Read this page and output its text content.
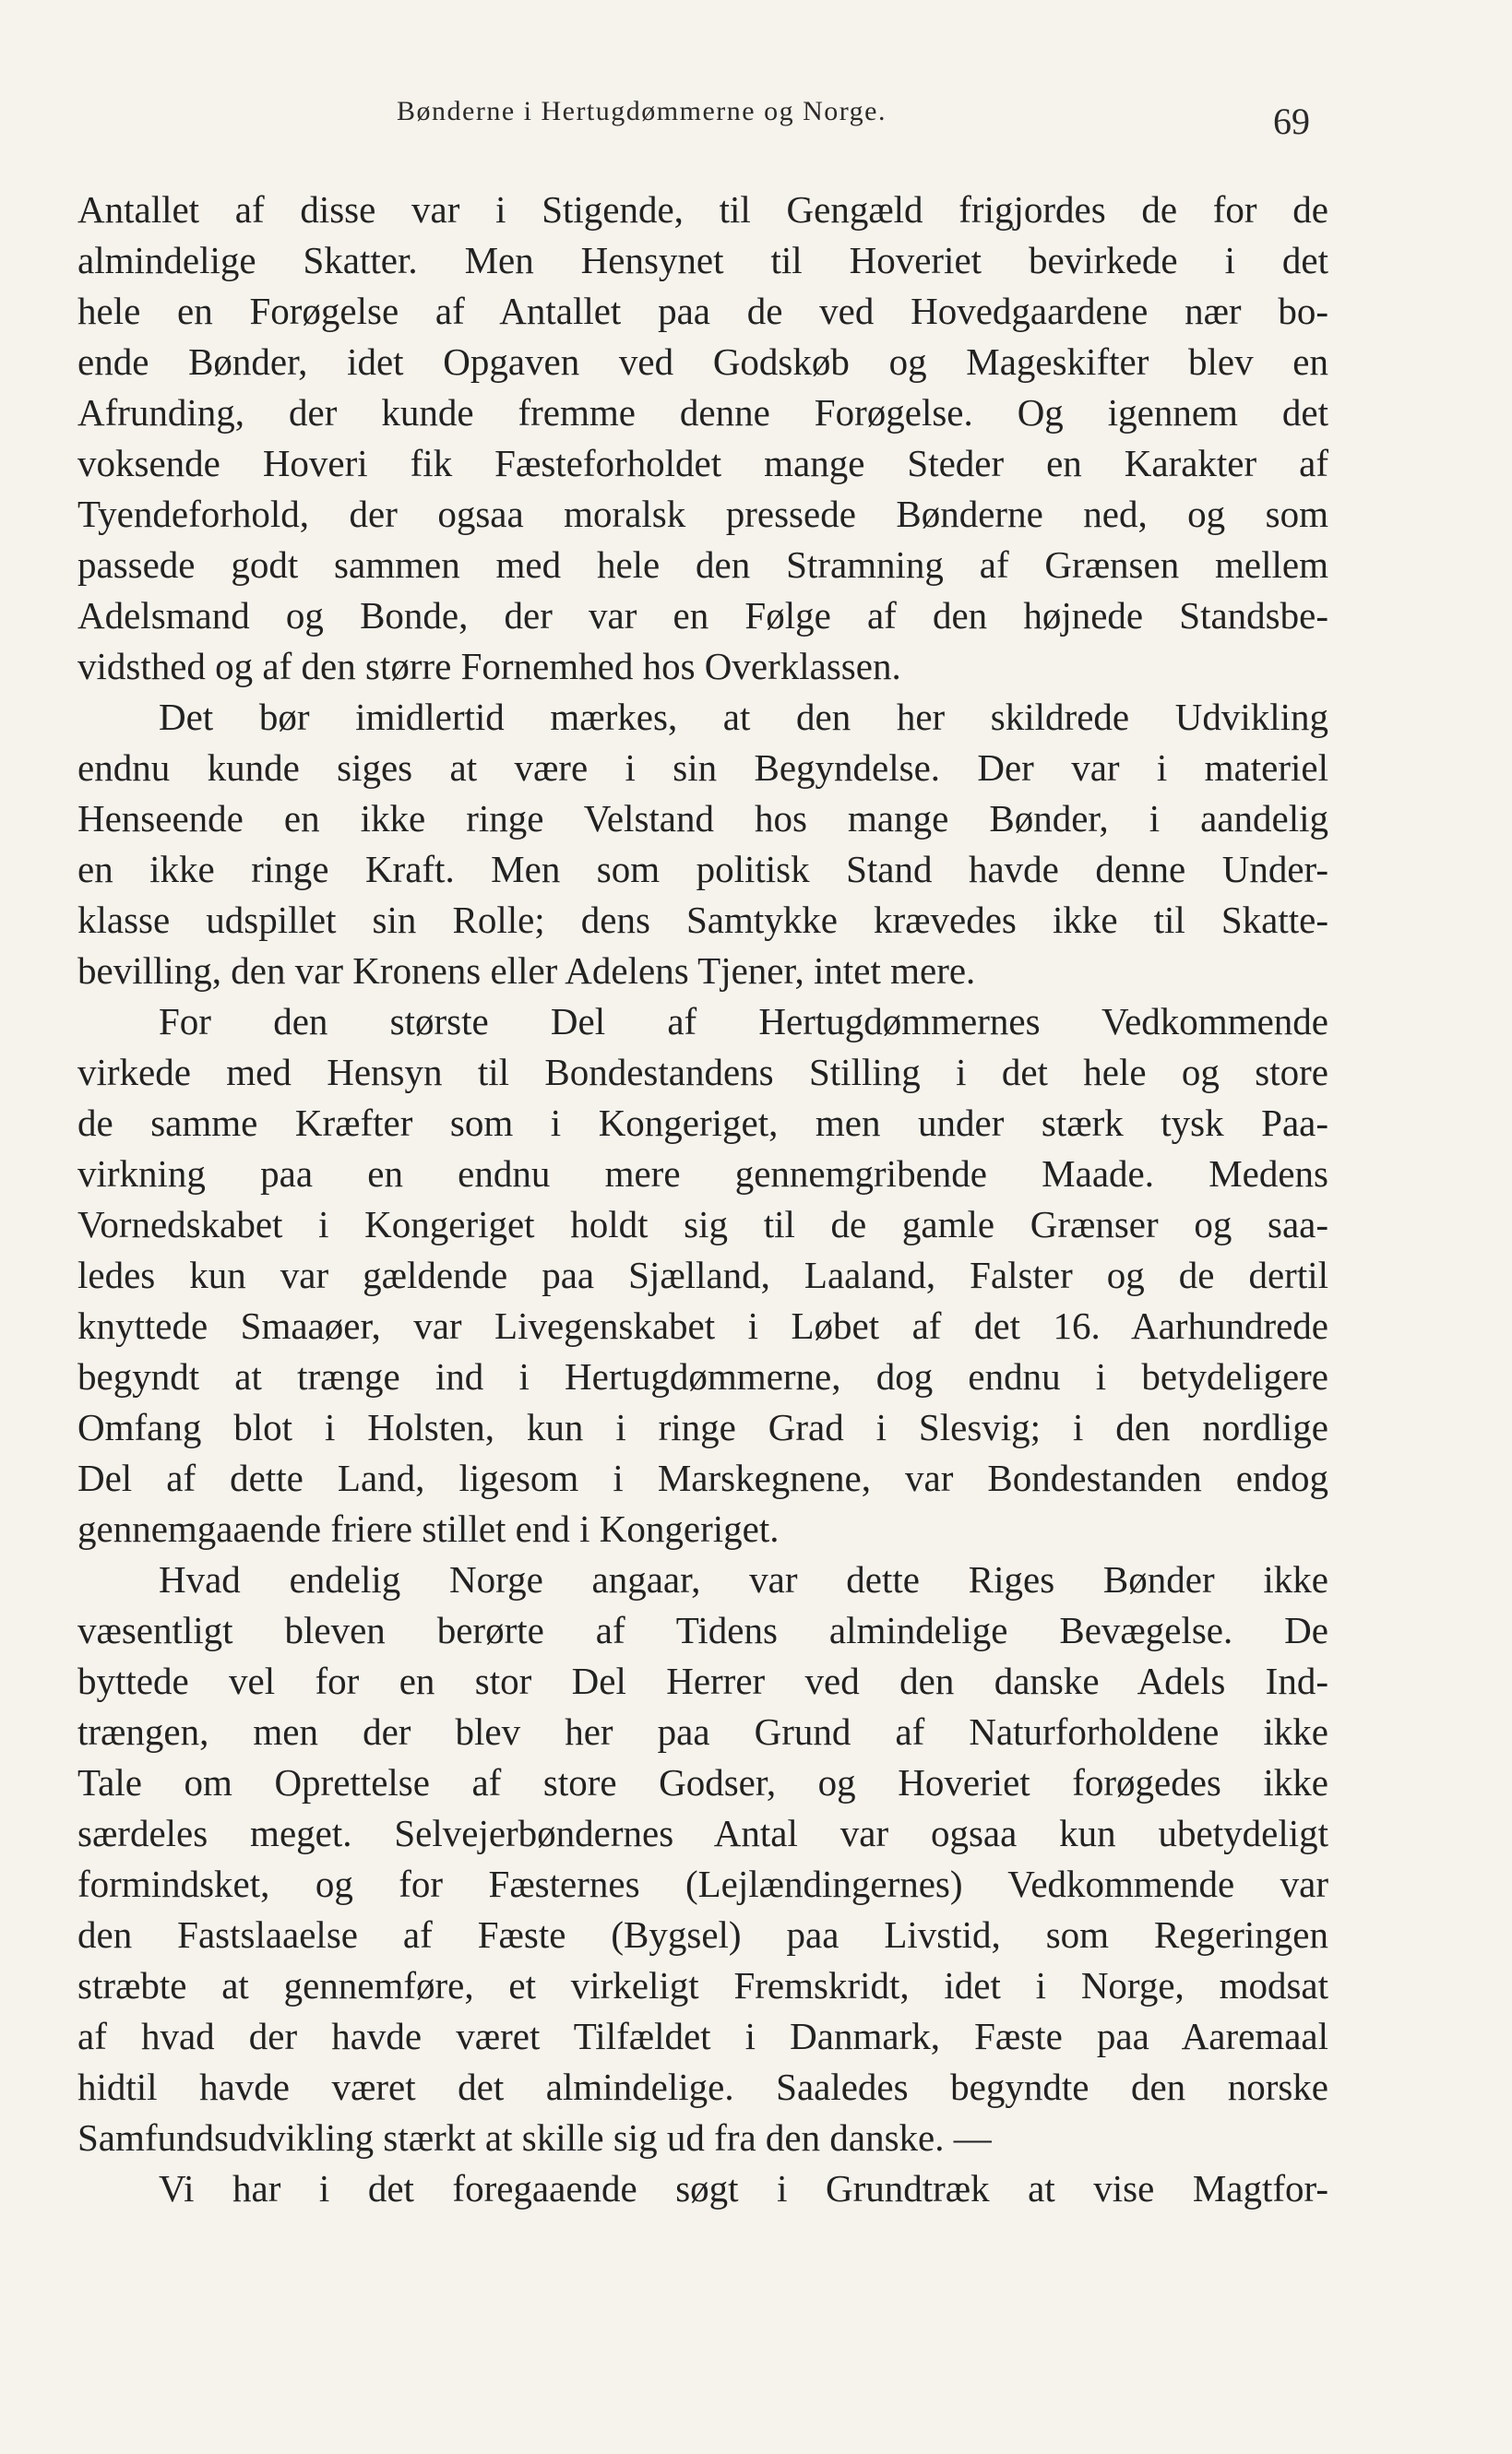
Bønderne i Hertugdømmerne og Norge.	69
Antallet af disse var i Stigende, til Gengæld frigjordes de for de
almindelige Skatter. Men Hensynet til Hoveriet bevirkede i det
hele en Forøgelse af Antallet paa de ved Hovedgaardene nær bo-
ende Bønder, idet Opgaven ved Godskøb og Mageskifter blev en
Afrunding, der kunde fremme denne Forøgelse. Og igennem det
voksende Hoveri fik Fæsteforholdet mange Steder en Karakter af
Tyendeforhold, der ogsaa moralsk pressede Bønderne ned, og som
passede godt sammen med hele den Stramning af Grænsen mellem
Adelsmand og Bonde, der var en Følge af den højnede Standsbe-
vidsthed og af den større Fornemhed hos Overklassen.
Det bør imidlertid mærkes, at den her skildrede Udvikling
endnu kunde siges at være i sin Begyndelse. Der var i materiel
Henseende en ikke ringe Velstand hos mange Bønder, i aandelig
en ikke ringe Kraft. Men som politisk Stand havde denne Under-
klasse udspillet sin Rolle; dens Samtykke krævedes ikke til Skatte-
bevilling, den var Kronens eller Adelens Tjener, intet mere.
For den største Del af Hertugdømmernes Vedkommende
virkede med Hensyn til Bondestandens Stilling i det hele og store
de samme Kræfter som i Kongeriget, men under stærk tysk Paa-
virkning paa en endnu mere gennemgribende Maade. Medens
Vornedskabet i Kongeriget holdt sig til de gamle Grænser og saa-
ledes kun var gældende paa Sjælland, Laaland, Falster og de dertil
knyttede Smaaøer, var Livegenskabet i Løbet af det 16. Aarhundrede
begyndt at trænge ind i Hertugdømmerne, dog endnu i betydeligere
Omfang blot i Holsten, kun i ringe Grad i Slesvig; i den nordlige
Del af dette Land, ligesom i Marskegnene, var Bondestanden endog
gennemgaaende friere stillet end i Kongeriget.
Hvad endelig Norge angaar, var dette Riges Bønder ikke
væsentligt bleven berørte af Tidens almindelige Bevægelse. De
byttede vel for en stor Del Herrer ved den danske Adels Ind-
trængen, men der blev her paa Grund af Naturforholdene ikke
Tale om Oprettelse af store Godser, og Hoveriet forøgedes ikke
særdeles meget. Selvejerbøndernes Antal var ogsaa kun ubetydeligt
formindsket, og for Fæsternes (Lejlændingernes) Vedkommende var
den Fastslaaelse af Fæste (Bygsel) paa Livstid, som Regeringen
stræbte at gennemføre, et virkeligt Fremskridt, idet i Norge, modsat
af hvad der havde været Tilfældet i Danmark, Fæste paa Aaremaal
hidtil havde været det almindelige. Saaledes begyndte den norske
Samfundsudvikling stærkt at skille sig ud fra den danske. —
Vi har i det foregaaende søgt i Grundtræk at vise Magtfor-
